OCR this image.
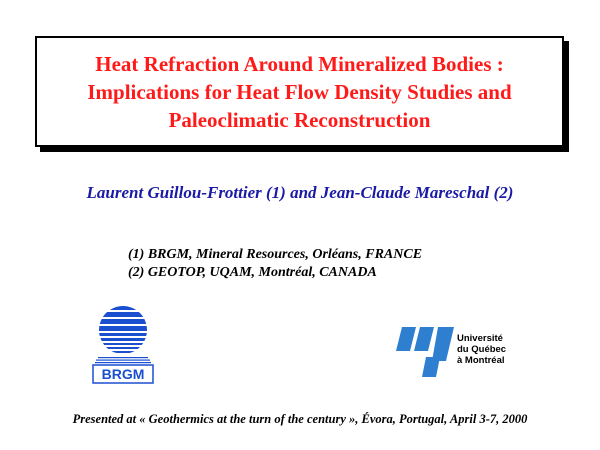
Heat Refraction Around Mineralized Bodies :
Implications for Heat Flow Density Studies and
Paleoclimatic Reconstruction
Laurent Guillou-Frottier (1) and Jean-Claude Mareschal (2)
(1) BRGM, Mineral Resources, Orléans, FRANCE
(2) GEOTOP, UQAM, Montréal, CANADA
BRGM
Université
du Québec
à Montréal
Presented at « Geothermics at the turn of the century », Évora, Portugal, April 3-7, 2000
